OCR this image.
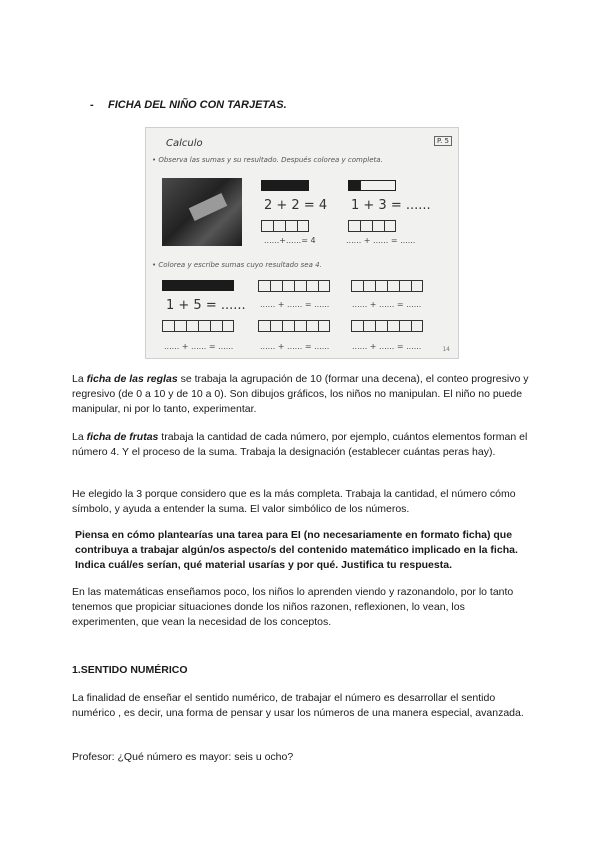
- FICHA DEL NIÑO CON TARJETAS.
Calculo	P. 5
• Observa las sumas y su resultado. Después colorea y completa.
2 + 2 = 4
......+......= 4
1 + 3 = ......
...... + ...... = ......
• Colorea y escribe sumas cuyo resultado sea 4.
1 + 5 = ......
...... + ...... = ......
...... + ...... = ......
...... + ...... = ......
...... + ...... = ......
...... + ...... = ......	14

La ficha de las reglas se trabaja la agrupación de 10 (formar una decena), el conteo progresivo y regresivo (de 0 a 10 y de 10 a 0). Son dibujos gráficos, los niños no manipulan. El niño no puede manipular, ni por lo tanto, experimentar.

La ficha de frutas trabaja la cantidad de cada número, por ejemplo, cuántos elementos forman el número 4. Y el proceso de la suma. Trabaja la designación (establecer cuántas peras hay).

He elegido la 3 porque considero que es la más completa. Trabaja la cantidad, el número cómo símbolo, y ayuda a entender la suma. El valor simbólico de los números.

Piensa en cómo plantearías una tarea para EI (no necesariamente en formato ficha) que contribuya a trabajar algún/os aspecto/s del contenido matemático implicado en la ficha. Indica cuál/es serían, qué material usarías y por qué. Justifica tu respuesta.

En las matemáticas enseñamos poco, los niños lo aprenden viendo y razonandolo, por lo tanto tenemos que propiciar situaciones donde los niños razonen, reflexionen, lo vean, los experimenten, que vean la necesidad de los conceptos.

1.SENTIDO NUMÉRICO

La finalidad de enseñar el sentido numérico, de trabajar el número es desarrollar el sentido numérico , es decir, una forma de pensar y usar los números de una manera especial, avanzada.

Profesor: ¿Qué número es mayor: seis u ocho?
